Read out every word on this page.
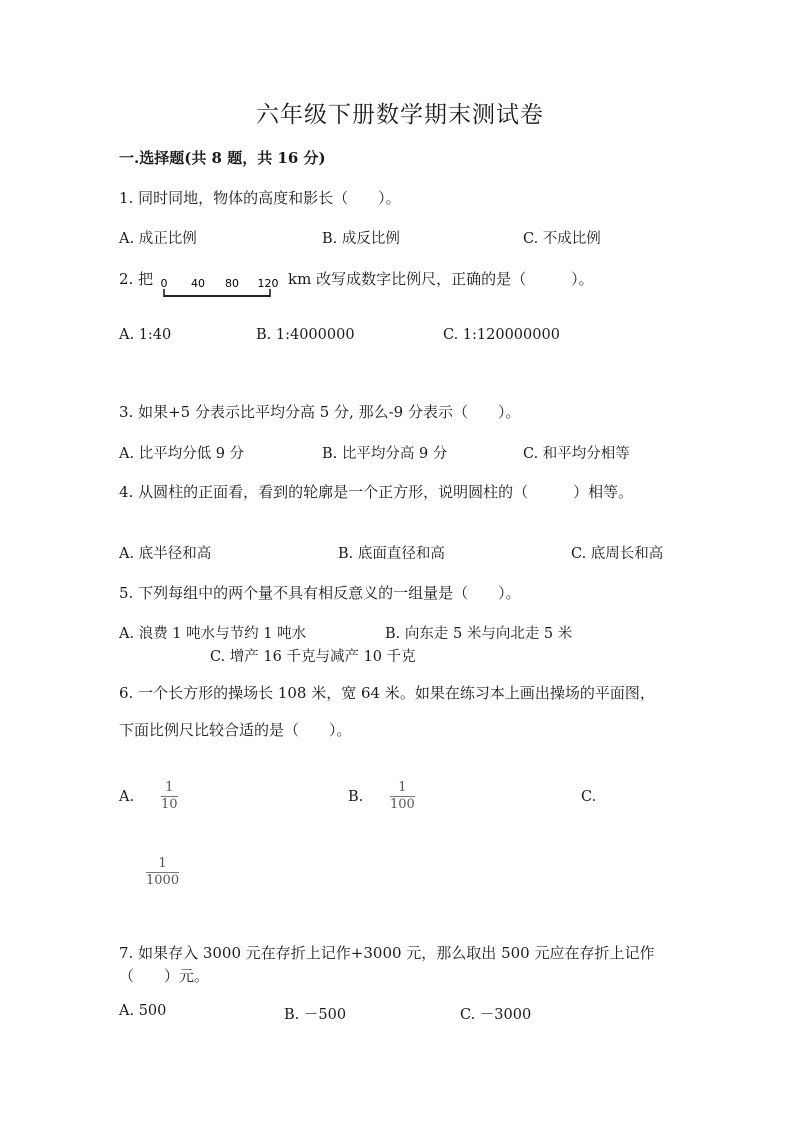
六年级下册数学期末测试卷
一.选择题(共 8 题，共 16 分)
1. 同时同地，物体的高度和影长（　　）。
A. 成正比例	B. 成反比例	C. 不成比例
2. 把 0 40 80 120 km 改写成数字比例尺，正确的是（　　　）。
A. 1:40	B. 1:4000000	C. 1:120000000
3. 如果+5 分表示比平均分高 5 分, 那么-9 分表示（　　）。
A. 比平均分低 9 分	B. 比平均分高 9 分	C. 和平均分相等
4. 从圆柱的正面看，看到的轮廓是一个正方形，说明圆柱的（　　　）相等。
A. 底半径和高	B. 底面直径和高	C. 底周长和高
5. 下列每组中的两个量不具有相反意义的一组量是（　　）。
A. 浪费 1 吨水与节约 1 吨水	B. 向东走 5 米与向北走 5 米
C. 增产 16 千克与减产 10 千克
6. 一个长方形的操场长 108 米，宽 64 米。如果在练习本上画出操场的平面图，
下面比例尺比较合适的是（　　）。
A.
1
10	B.
1
100	C.
1
1000
7. 如果存入 3000 元在存折上记作+3000 元，那么取出 500 元应在存折上记作
（　　）元。
A. 500	B. －500	C. －3000
